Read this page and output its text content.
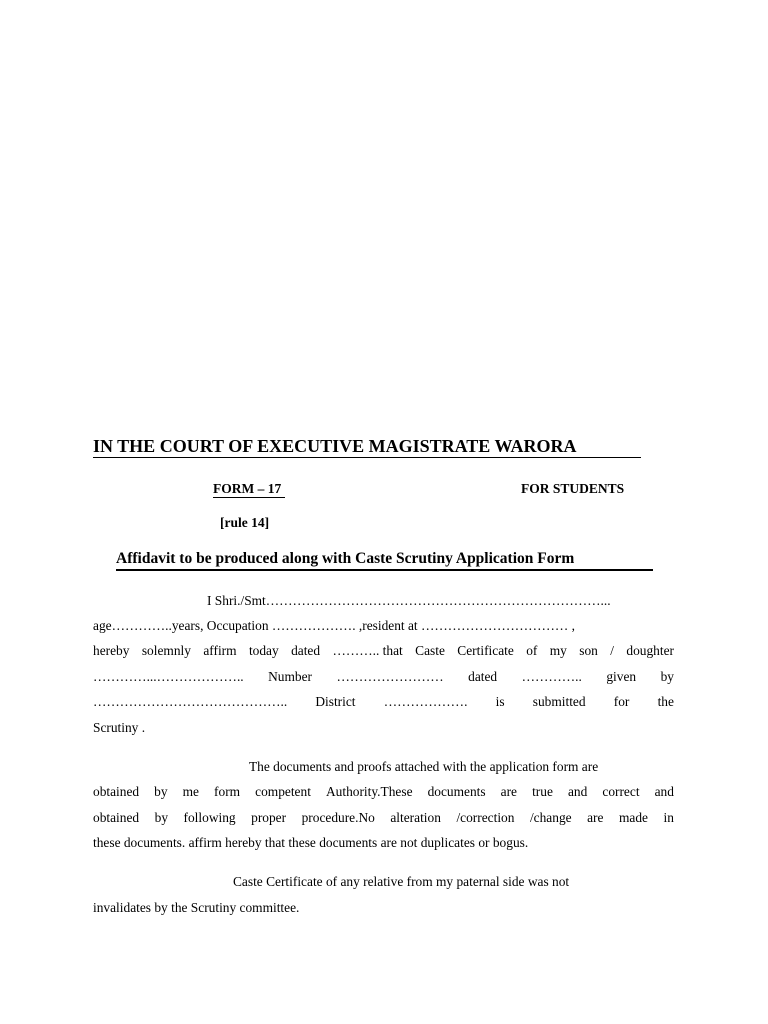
IN THE COURT OF EXECUTIVE MAGISTRATE WARORA
FORM – 17	FOR STUDENTS
[rule 14]
Affidavit to be produced along with Caste Scrutiny Application Form
I Shri./Smt…………………………………………………………………...
age…………..years, Occupation ………………. ,resident at …………………………… ,
hereby solemnly affirm today dated ……….. that Caste Certificate of my son / doughter
…………...……………….. Number …………………… dated ………….. given by
…………………………………….. District ………………. is submitted for the
Scrutiny .
The documents and proofs attached with the application form are
obtained by me form competent Authority.These documents are true and correct and
obtained by following proper procedure.No alteration /correction /change are made in
these documents. affirm hereby that these documents are not duplicates or bogus.
Caste Certificate of any relative from my paternal side was not
invalidates by the Scrutiny committee.
